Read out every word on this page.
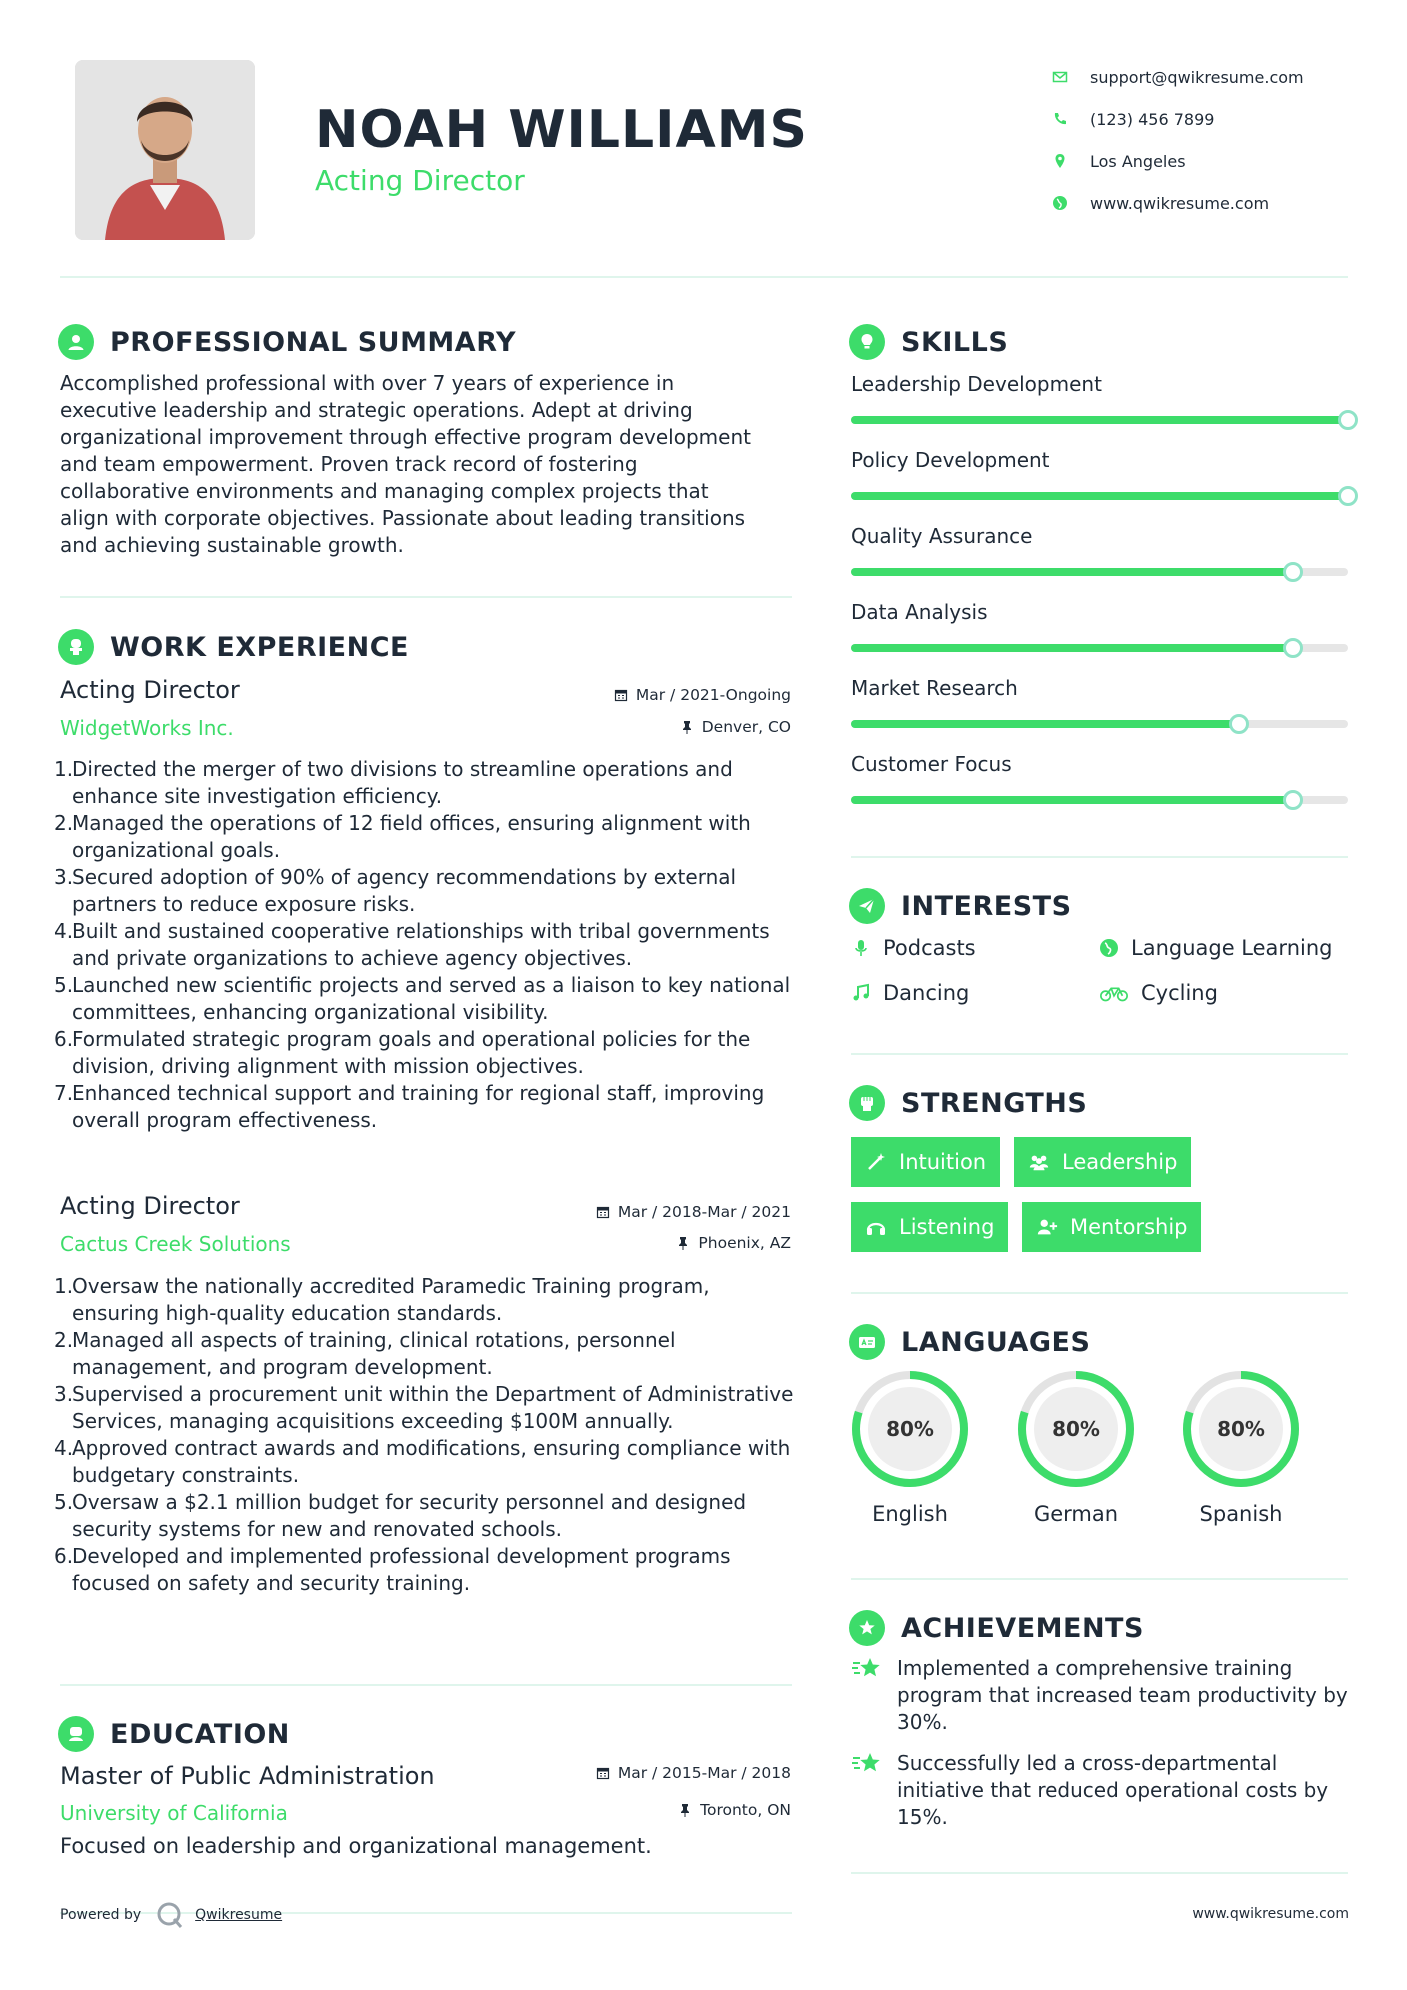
NOAH WILLIAMS
Acting Director
support@qwikresume.com
(123) 456 7899
Los Angeles
www.qwikresume.com
PROFESSIONAL SUMMARY
Accomplished professional with over 7 years of experience in executive leadership and strategic operations. Adept at driving organizational improvement through effective program development and team empowerment. Proven track record of fostering collaborative environments and managing complex projects that align with corporate objectives. Passionate about leading transitions and achieving sustainable growth.
WORK EXPERIENCE
Acting Director
WidgetWorks Inc.
Mar / 2021-Ongoing
Denver, CO
1.
Directed the merger of two divisions to streamline operations and enhance site investigation efficiency.
2.
Managed the operations of 12 field offices, ensuring alignment with organizational goals.
3.
Secured adoption of 90% of agency recommendations by external partners to reduce exposure risks.
4.
Built and sustained cooperative relationships with tribal governments and private organizations to achieve agency objectives.
5.
Launched new scientific projects and served as a liaison to key national committees, enhancing organizational visibility.
6.
Formulated strategic program goals and operational policies for the division, driving alignment with mission objectives.
7.
Enhanced technical support and training for regional staff, improving overall program effectiveness.
Acting Director
Cactus Creek Solutions
Mar / 2018-Mar / 2021
Phoenix, AZ
1.
Oversaw the nationally accredited Paramedic Training program, ensuring high-quality education standards.
2.
Managed all aspects of training, clinical rotations, personnel management, and program development.
3.
Supervised a procurement unit within the Department of Administrative Services, managing acquisitions exceeding $100M annually.
4.
Approved contract awards and modifications, ensuring compliance with budgetary constraints.
5.
Oversaw a $2.1 million budget for security personnel and designed security systems for new and renovated schools.
6.
Developed and implemented professional development programs focused on safety and security training.
EDUCATION
Master of Public Administration
University of California
Mar / 2015-Mar / 2018
Toronto, ON
Focused on leadership and organizational management.
SKILLS
Leadership Development
Policy Development
Quality Assurance
Data Analysis
Market Research
Customer Focus
INTERESTS
Podcasts	Language Learning
Dancing	Cycling
STRENGTHS
Intuition	Leadership
Listening	Mentorship
LANGUAGES
80%
English
80%
German
80%
Spanish
ACHIEVEMENTS
Implemented a comprehensive training program that increased team productivity by 30%.
Successfully led a cross-departmental initiative that reduced operational costs by 15%.
Powered by	Qwikresume	www.qwikresume.com
